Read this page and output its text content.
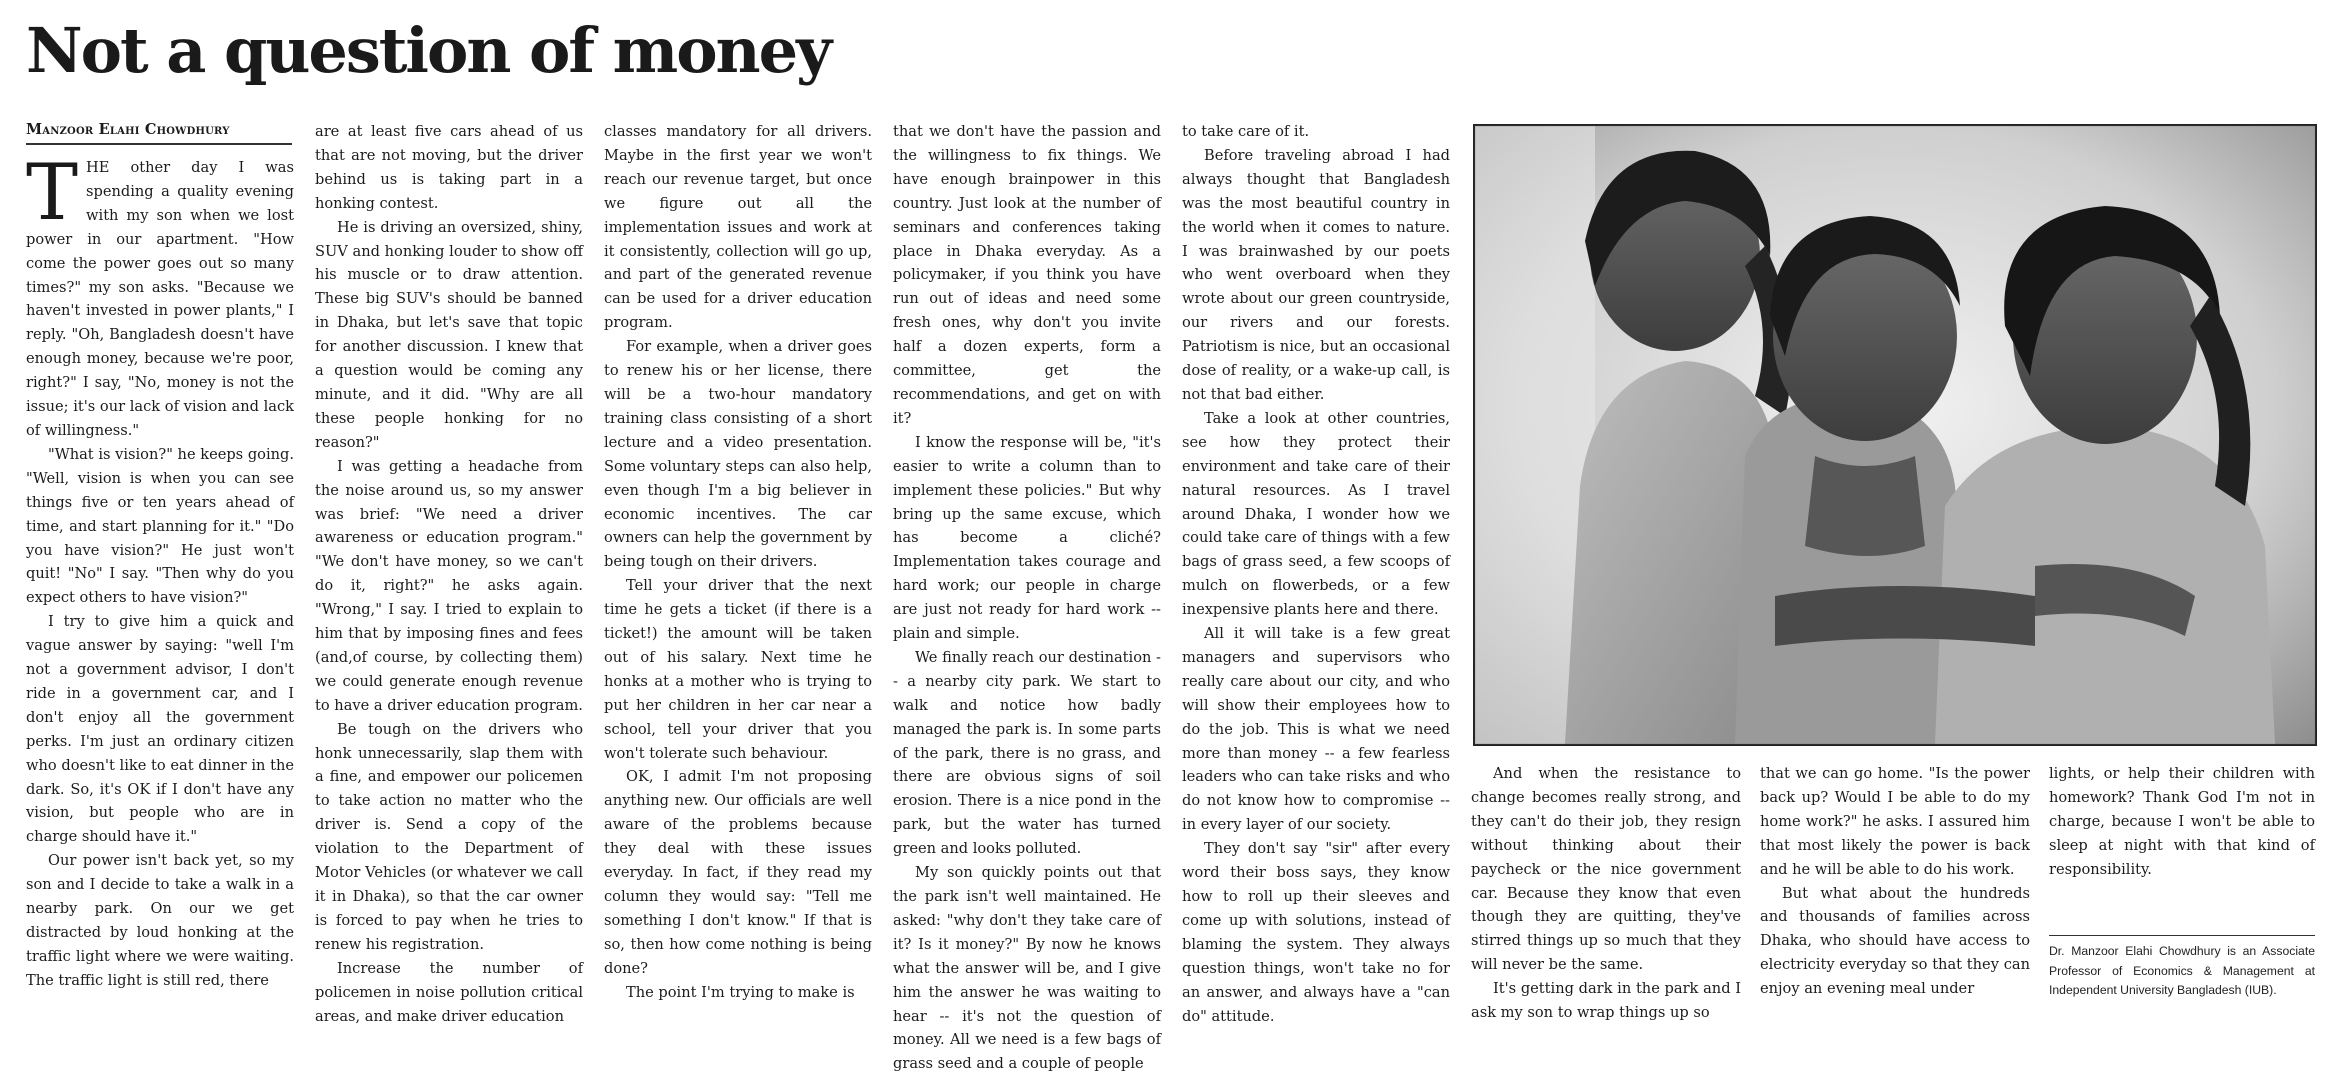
Not a question of money
Manzoor Elahi Chowdhury

THE other day I was spending a quality evening with my son when we lost power in our apartment. "How come the power goes out so many times?" my son asks. "Because we haven't invested in power plants," I reply. "Oh, Bangladesh doesn't have enough money, because we're poor, right?" I say, "No, money is not the issue; it's our lack of vision and lack of willingness."

"What is vision?" he keeps going. "Well, vision is when you can see things five or ten years ahead of time, and start planning for it." "Do you have vision?" He just won't quit! "No" I say. "Then why do you expect others to have vision?"

I try to give him a quick and vague answer by saying: "well I'm not a government advisor, I don't ride in a government car, and I don't enjoy all the government perks. I'm just an ordinary citizen who doesn't like to eat dinner in the dark. So, it's OK if I don't have any vision, but people who are in charge should have it."

Our power isn't back yet, so my son and I decide to take a walk in a nearby park. On our we get distracted by loud honking at the traffic light where we were waiting. The traffic light is still red, there

are at least five cars ahead of us that are not moving, but the driver behind us is taking part in a honking contest.

He is driving an oversized, shiny, SUV and honking louder to show off his muscle or to draw attention. These big SUV's should be banned in Dhaka, but let's save that topic for another discussion. I knew that a question would be coming any minute, and it did. "Why are all these people honking for no reason?"

I was getting a headache from the noise around us, so my answer was brief: "We need a driver awareness or education program." "We don't have money, so we can't do it, right?" he asks again. "Wrong," I say. I tried to explain to him that by imposing fines and fees (and,of course, by collecting them) we could generate enough revenue to have a driver education program.

Be tough on the drivers who honk unnecessarily, slap them with a fine, and empower our policemen to take action no matter who the driver is. Send a copy of the violation to the Department of Motor Vehicles (or whatever we call it in Dhaka), so that the car owner is forced to pay when he tries to renew his registration.

Increase the number of policemen in noise pollution critical areas, and make driver education

classes mandatory for all drivers. Maybe in the first year we won't reach our revenue target, but once we figure out all the implementation issues and work at it consistently, collection will go up, and part of the generated revenue can be used for a driver education program.

For example, when a driver goes to renew his or her license, there will be a two-hour mandatory training class consisting of a short lecture and a video presentation. Some voluntary steps can also help, even though I'm a big believer in economic incentives. The car owners can help the government by being tough on their drivers.

Tell your driver that the next time he gets a ticket (if there is a ticket!) the amount will be taken out of his salary. Next time he honks at a mother who is trying to put her children in her car near a school, tell your driver that you won't tolerate such behaviour.

OK, I admit I'm not proposing anything new. Our officials are well aware of the problems because they deal with these issues everyday. In fact, if they read my column they would say: "Tell me something I don't know." If that is so, then how come nothing is being done?

The point I'm trying to make is

that we don't have the passion and the willingness to fix things. We have enough brainpower in this country. Just look at the number of seminars and conferences taking place in Dhaka everyday. As a policymaker, if you think you have run out of ideas and need some fresh ones, why don't you invite half a dozen experts, form a committee, get the recommendations, and get on with it?

I know the response will be, "it's easier to write a column than to implement these policies." But why bring up the same excuse, which has become a cliché? Implementation takes courage and hard work; our people in charge are just not ready for hard work -- plain and simple.

We finally reach our destination -- a nearby city park. We start to walk and notice how badly managed the park is. In some parts of the park, there is no grass, and there are obvious signs of soil erosion. There is a nice pond in the park, but the water has turned green and looks polluted.

My son quickly points out that the park isn't well maintained. He asked: "why don't they take care of it? Is it money?" By now he knows what the answer will be, and I give him the answer he was waiting to hear -- it's not the question of money. All we need is a few bags of grass seed and a couple of people

to take care of it.

Before traveling abroad I had always thought that Bangladesh was the most beautiful country in the world when it comes to nature. I was brainwashed by our poets who went overboard when they wrote about our green countryside, our rivers and our forests. Patriotism is nice, but an occasional dose of reality, or a wake-up call, is not that bad either.

Take a look at other countries, see how they protect their environment and take care of their natural resources. As I travel around Dhaka, I wonder how we could take care of things with a few bags of grass seed, a few scoops of mulch on flowerbeds, or a few inexpensive plants here and there.

All it will take is a few great managers and supervisors who really care about our city, and who will show their employees how to do the job. This is what we need more than money -- a few fearless leaders who can take risks and who do not know how to compromise -- in every layer of our society.

They don't say "sir" after every word their boss says, they know how to roll up their sleeves and come up with solutions, instead of blaming the system. They always question things, won't take no for an answer, and always have a "can do" attitude.

And when the resistance to change becomes really strong, and they can't do their job, they resign without thinking about their paycheck or the nice government car. Because they know that even though they are quitting, they've stirred things up so much that they will never be the same.

It's getting dark in the park and I ask my son to wrap things up so

that we can go home. "Is the power back up? Would I be able to do my home work?" he asks. I assured him that most likely the power is back and he will be able to do his work.

But what about the hundreds and thousands of families across Dhaka, who should have access to electricity everyday so that they can enjoy an evening meal under

lights, or help their children with homework? Thank God I'm not in charge, because I won't be able to sleep at night with that kind of responsibility.

Dr. Manzoor Elahi Chowdhury is an Associate Professor of Economics & Management at Independent University Bangladesh (IUB).
